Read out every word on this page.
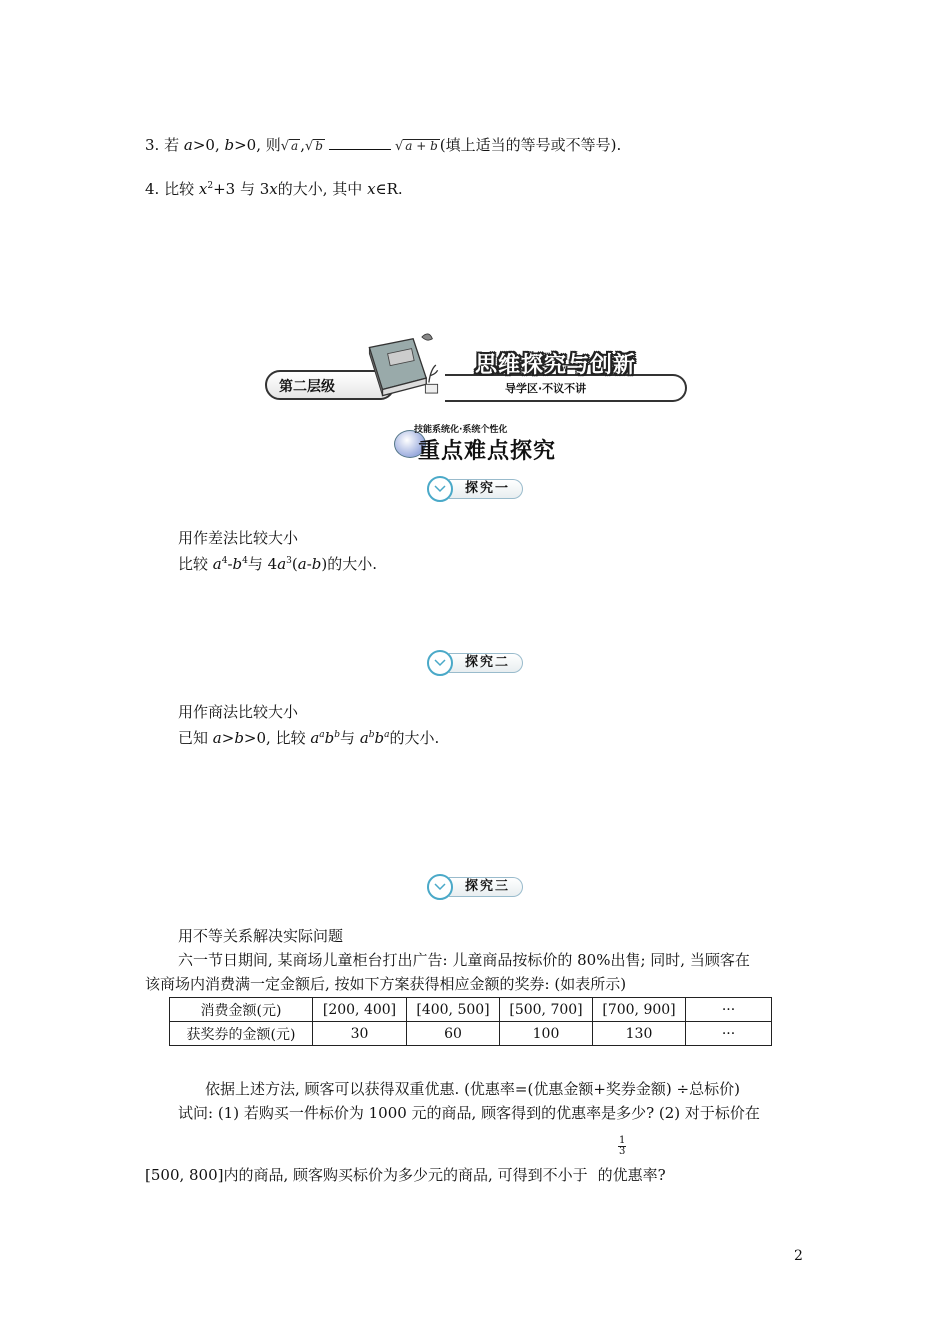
3. 若 a>0, b>0, 则√ a ,√ b	√ a + b (填上适当的等号或不等号).
4. 比较 $x^2+3$ 与 3x的大小, 其中 x∈R.
第二层级
思维探究与创新
导学区·不议不讲
技能系统化·系统个性化
重点难点探究
探究一
用作差法比较大小
比较 $a^4-b^4$与 $4a^3(a-b)$的大小.
探究二
用作商法比较大小
已知 a>b>0, 比较 $a^ab^b$与 $a^bb^a$的大小.
探究三
用不等关系解决实际问题
六一节日期间, 某商场儿童柜台打出广告: 儿童商品按标价的 80%出售; 同时, 当顾客在
该商场内消费满一定金额后, 按如下方案获得相应金额的奖券: (如表所示)
消费金额(元)	[200, 400]	[400, 500]	[500, 700]	[700, 900]	···
获奖券的金额(元)	30	60	100	130	···
依据上述方法, 顾客可以获得双重优惠. (优惠率=(优惠金额+奖券金额) ÷总标价)
试问: (1) 若购买一件标价为 1000 元的商品, 顾客得到的优惠率是多少? (2) 对于标价在
$\frac{1}{3}$
[500, 800]内的商品, 顾客购买标价为多少元的商品, 可得到不小于 的优惠率?
2
